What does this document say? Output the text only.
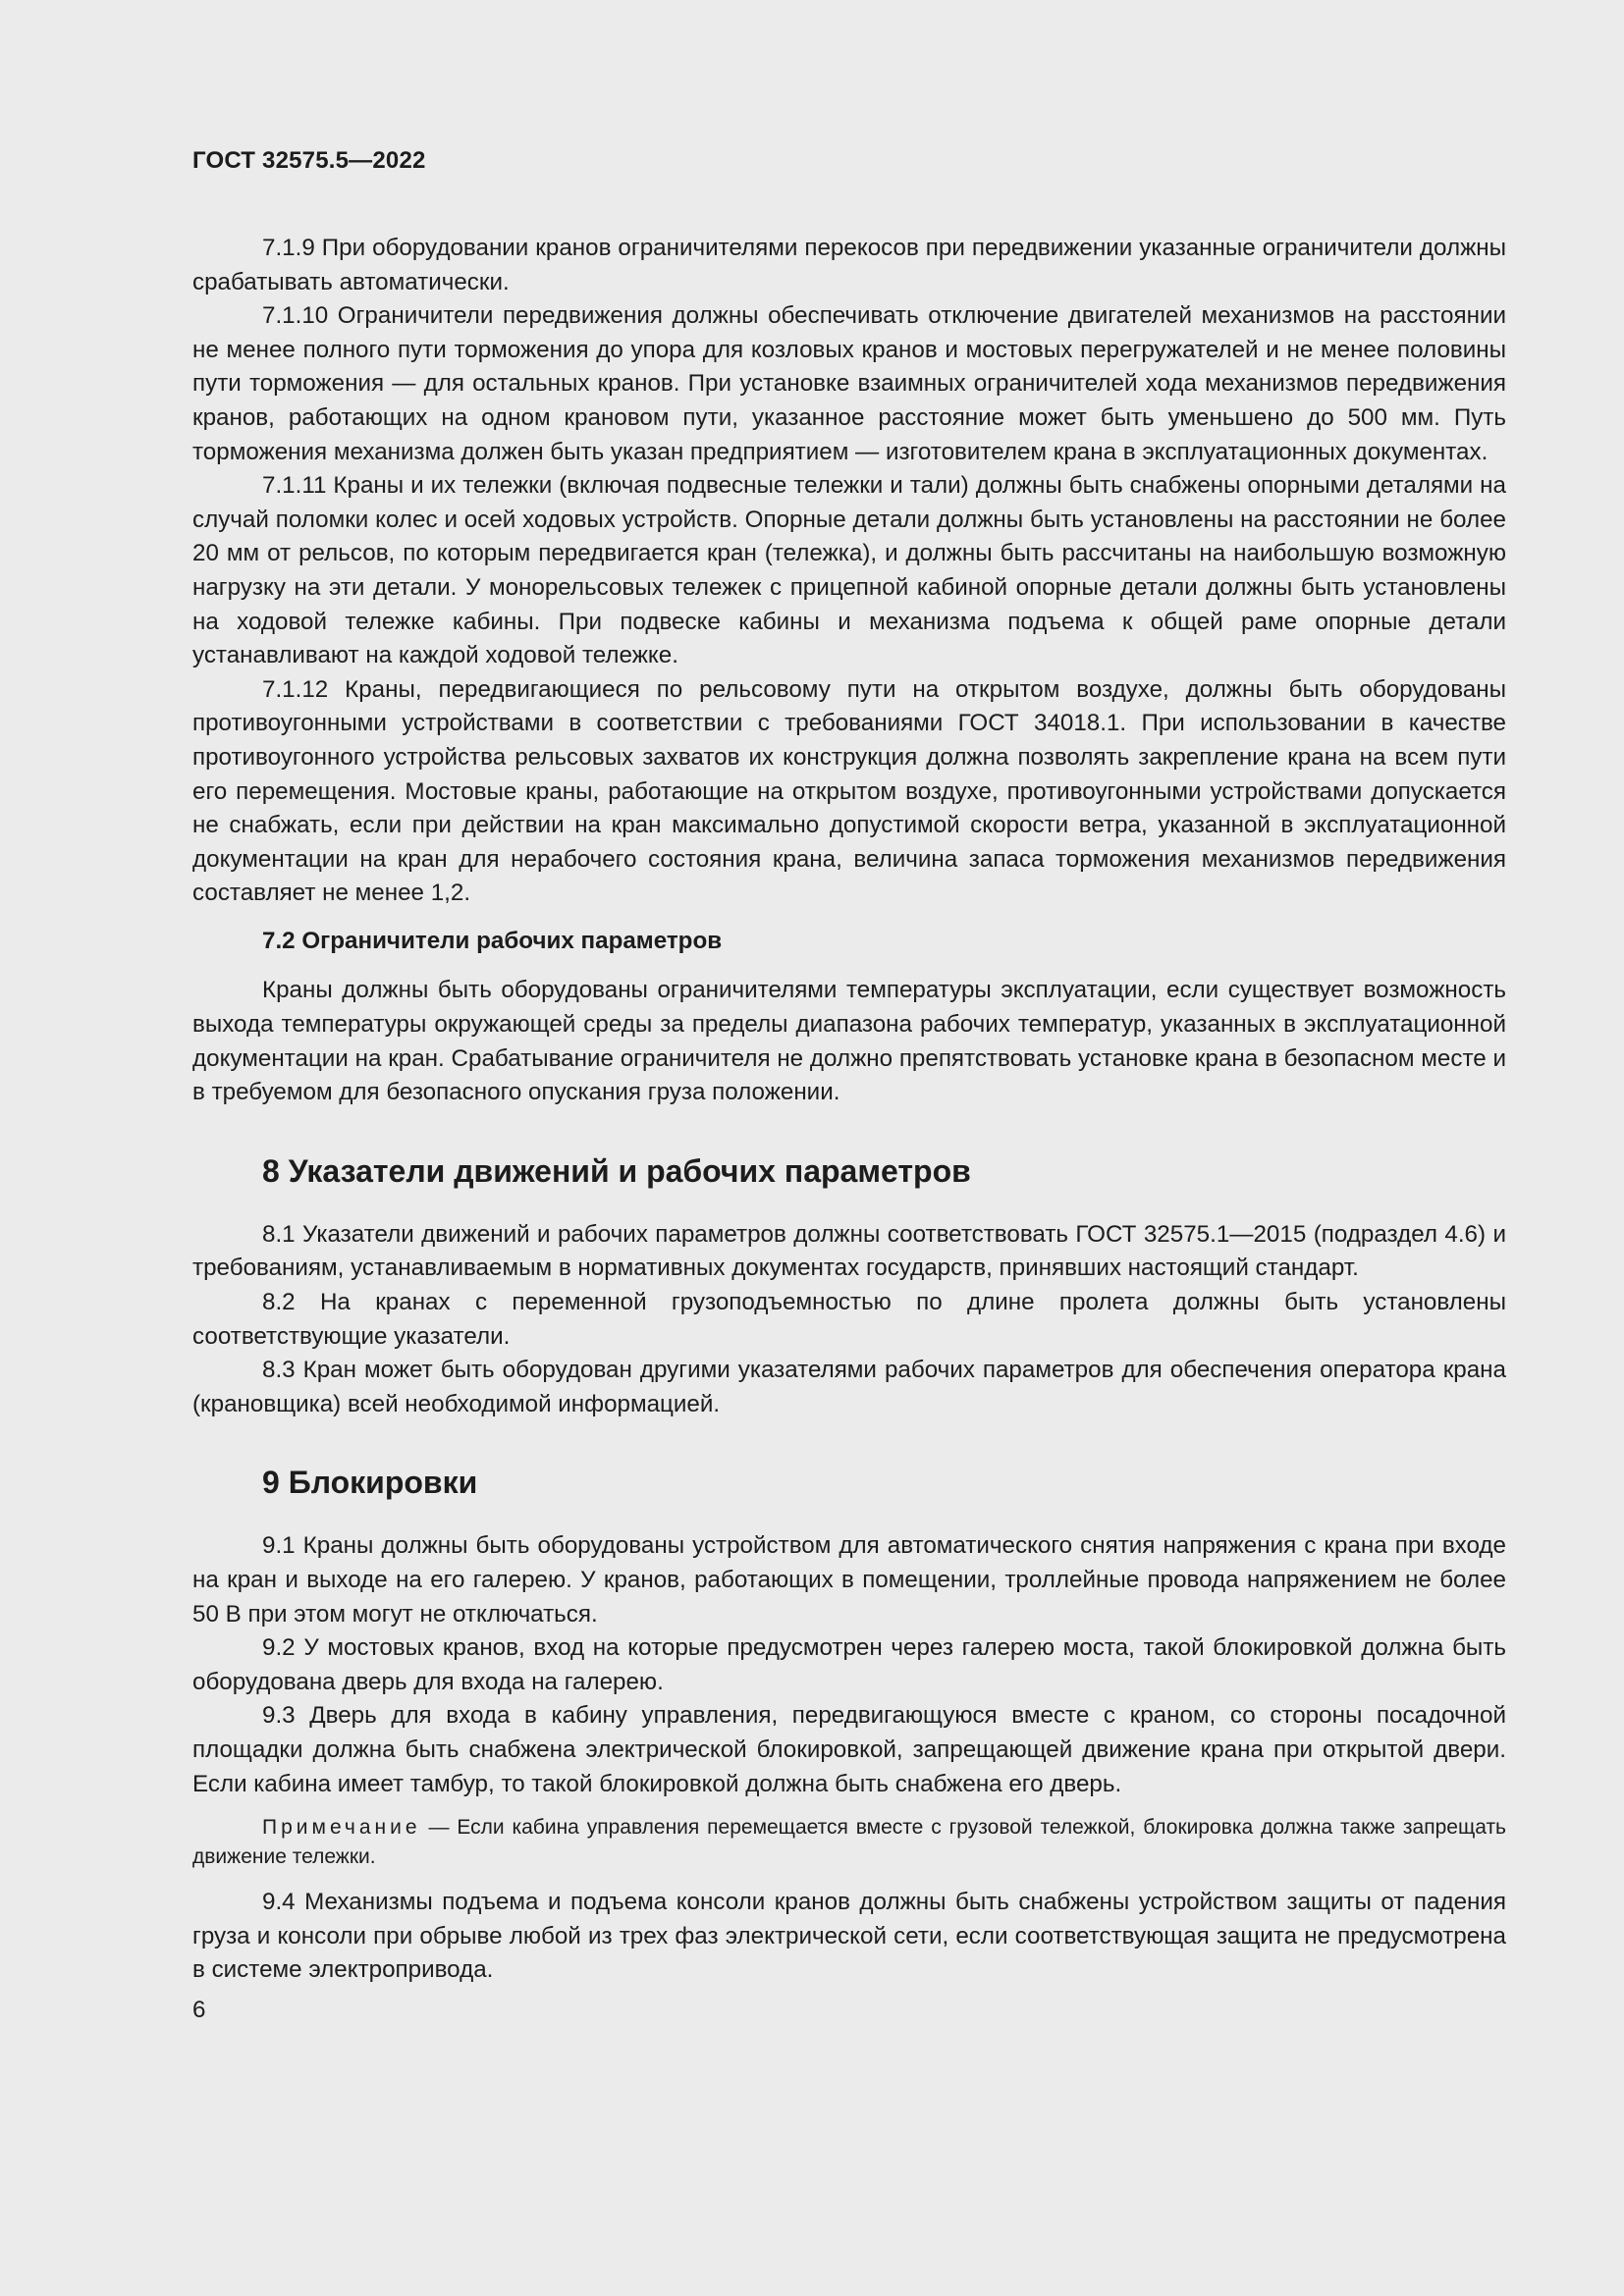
ГОСТ 32575.5—2022

7.1.9 При оборудовании кранов ограничителями перекосов при передвижении указанные ограничители должны срабатывать автоматически.

7.1.10 Ограничители передвижения должны обеспечивать отключение двигателей механизмов на расстоянии не менее полного пути торможения до упора для козловых кранов и мостовых перегружателей и не менее половины пути торможения — для остальных кранов. При установке взаимных ограничителей хода механизмов передвижения кранов, работающих на одном крановом пути, указанное расстояние может быть уменьшено до 500 мм. Путь торможения механизма должен быть указан предприятием — изготовителем крана в эксплуатационных документах.

7.1.11 Краны и их тележки (включая подвесные тележки и тали) должны быть снабжены опорными деталями на случай поломки колес и осей ходовых устройств. Опорные детали должны быть установлены на расстоянии не более 20 мм от рельсов, по которым передвигается кран (тележка), и должны быть рассчитаны на наибольшую возможную нагрузку на эти детали. У монорельсовых тележек с прицепной кабиной опорные детали должны быть установлены на ходовой тележке кабины. При подвеске кабины и механизма подъема к общей раме опорные детали устанавливают на каждой ходовой тележке.

7.1.12 Краны, передвигающиеся по рельсовому пути на открытом воздухе, должны быть оборудованы противоугонными устройствами в соответствии с требованиями ГОСТ 34018.1. При использовании в качестве противоугонного устройства рельсовых захватов их конструкция должна позволять закрепление крана на всем пути его перемещения. Мостовые краны, работающие на открытом воздухе, противоугонными устройствами допускается не снабжать, если при действии на кран максимально допустимой скорости ветра, указанной в эксплуатационной документации на кран для нерабочего состояния крана, величина запаса торможения механизмов передвижения составляет не менее 1,2.

7.2 Ограничители рабочих параметров

Краны должны быть оборудованы ограничителями температуры эксплуатации, если существует возможность выхода температуры окружающей среды за пределы диапазона рабочих температур, указанных в эксплуатационной документации на кран. Срабатывание ограничителя не должно препятствовать установке крана в безопасном месте и в требуемом для безопасного опускания груза положении.

8 Указатели движений и рабочих параметров

8.1 Указатели движений и рабочих параметров должны соответствовать ГОСТ 32575.1—2015 (подраздел 4.6) и требованиям, устанавливаемым в нормативных документах государств, принявших настоящий стандарт.

8.2 На кранах с переменной грузоподъемностью по длине пролета должны быть установлены соответствующие указатели.

8.3 Кран может быть оборудован другими указателями рабочих параметров для обеспечения оператора крана (крановщика) всей необходимой информацией.

9 Блокировки

9.1 Краны должны быть оборудованы устройством для автоматического снятия напряжения с крана при входе на кран и выходе на его галерею. У кранов, работающих в помещении, троллейные провода напряжением не более 50 В при этом могут не отключаться.

9.2 У мостовых кранов, вход на которые предусмотрен через галерею моста, такой блокировкой должна быть оборудована дверь для входа на галерею.

9.3 Дверь для входа в кабину управления, передвигающуюся вместе с краном, со стороны посадочной площадки должна быть снабжена электрической блокировкой, запрещающей движение крана при открытой двери. Если кабина имеет тамбур, то такой блокировкой должна быть снабжена его дверь.

Примечание — Если кабина управления перемещается вместе с грузовой тележкой, блокировка должна также запрещать движение тележки.

9.4 Механизмы подъема и подъема консоли кранов должны быть снабжены устройством защиты от падения груза и консоли при обрыве любой из трех фаз электрической сети, если соответствующая защита не предусмотрена в системе электропривода.

6
